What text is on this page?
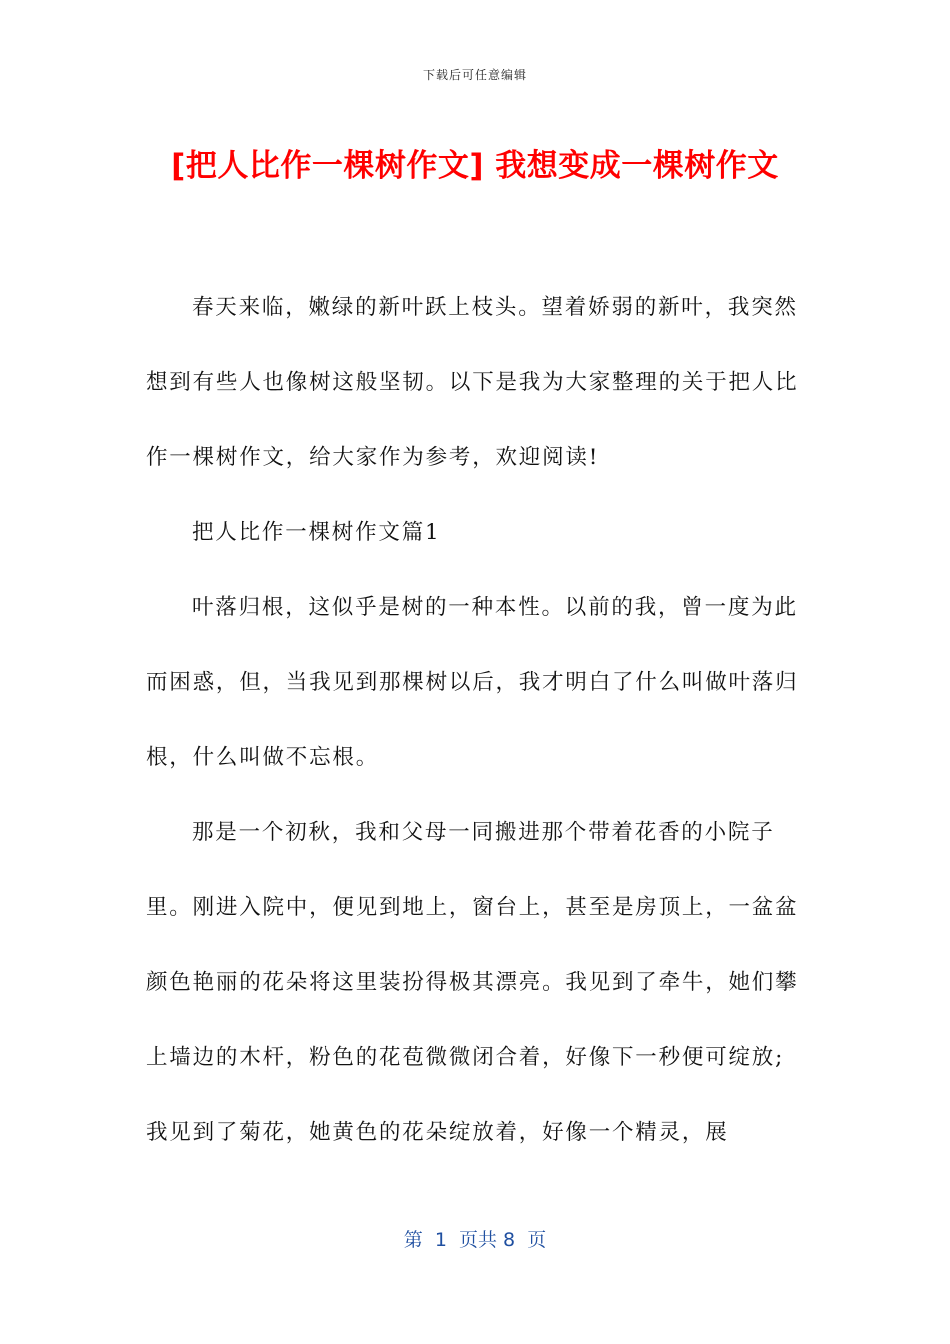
下载后可任意编辑
[把人比作一棵树作文] 我想变成一棵树作文

春天来临，嫩绿的新叶跃上枝头。望着娇弱的新叶，我突然想到有些人也像树这般坚韧。以下是我为大家整理的关于把人比作一棵树作文，给大家作为参考，欢迎阅读!

把人比作一棵树作文篇1

叶落归根，这似乎是树的一种本性。以前的我，曾一度为此而困惑，但，当我见到那棵树以后，我才明白了什么叫做叶落归根，什么叫做不忘根。

那是一个初秋，我和父母一同搬进那个带着花香的小院子里。刚进入院中，便见到地上，窗台上，甚至是房顶上，一盆盆颜色艳丽的花朵将这里装扮得极其漂亮。我见到了牵牛，她们攀上墙边的木杆，粉色的花苞微微闭合着，好像下一秒便可绽放;我见到了菊花，她黄色的花朵绽放着，好像一个精灵，展

第  1  页共 8  页
